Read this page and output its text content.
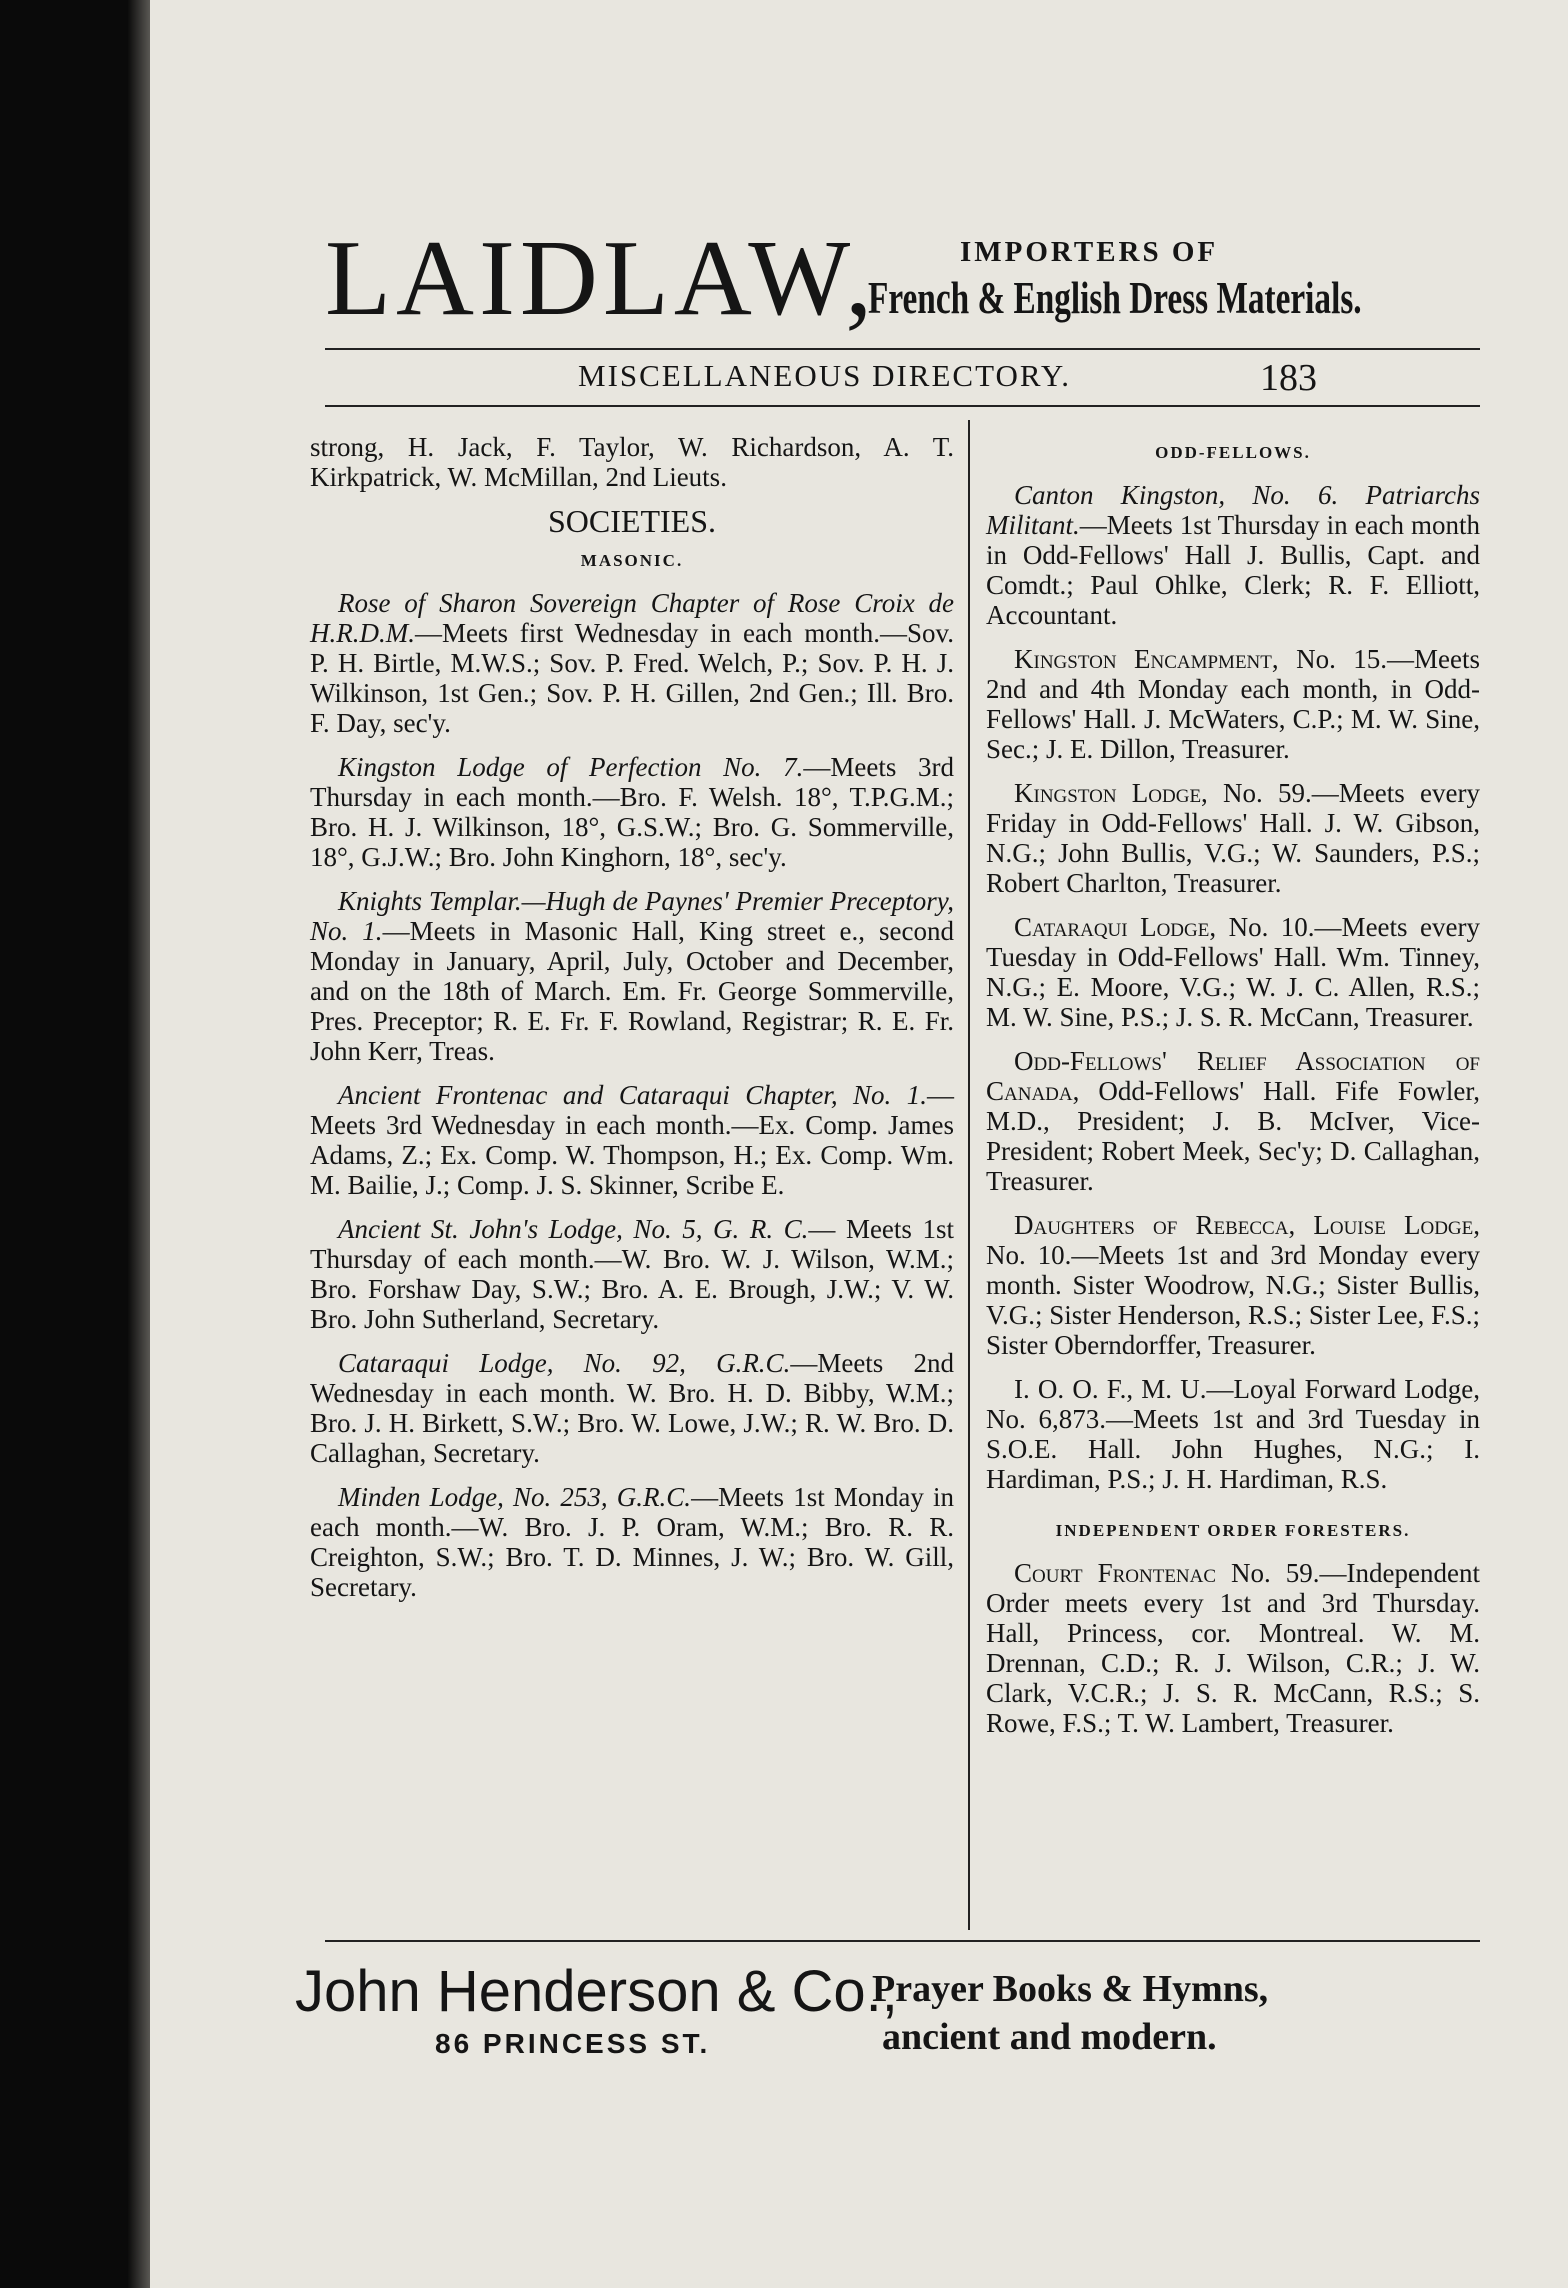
LAIDLAW,	IMPORTERS OF
French & English Dress Materials.
MISCELLANEOUS DIRECTORY.	183

strong, H. Jack, F. Taylor, W. Richardson, A. T. Kirkpatrick, W. McMillan, 2nd Lieuts.

SOCIETIES.
MASONIC.

Rose of Sharon Sovereign Chapter of Rose Croix de H.R.D.M.—Meets first Wednesday in each month.—Sov. P. H. Birtle, M.W.S.; Sov. P. Fred. Welch, P.; Sov. P. H. J. Wilkinson, 1st Gen.; Sov. P. H. Gillen, 2nd Gen.; Ill. Bro. F. Day, sec'y.

Kingston Lodge of Perfection No. 7.—Meets 3rd Thursday in each month.—Bro. F. Welsh. 18°, T.P.G.M.; Bro. H. J. Wilkinson, 18°, G.S.W.; Bro. G. Sommerville, 18°, G.J.W.; Bro. John Kinghorn, 18°, sec'y.

Knights Templar.—Hugh de Paynes' Premier Preceptory, No. 1.—Meets in Masonic Hall, King street e., second Monday in January, April, July, October and December, and on the 18th of March. Em. Fr. George Sommerville, Pres. Preceptor; R. E. Fr. F. Rowland, Registrar; R. E. Fr. John Kerr, Treas.

Ancient Frontenac and Cataraqui Chapter, No. 1.—Meets 3rd Wednesday in each month.—Ex. Comp. James Adams, Z.; Ex. Comp. W. Thompson, H.; Ex. Comp. Wm. M. Bailie, J.; Comp. J. S. Skinner, Scribe E.

Ancient St. John's Lodge, No. 5, G. R. C.— Meets 1st Thursday of each month.—W. Bro. W. J. Wilson, W.M.; Bro. Forshaw Day, S.W.; Bro. A. E. Brough, J.W.; V. W. Bro. John Sutherland, Secretary.

Cataraqui Lodge, No. 92, G.R.C.—Meets 2nd Wednesday in each month. W. Bro. H. D. Bibby, W.M.; Bro. J. H. Birkett, S.W.; Bro. W. Lowe, J.W.; R. W. Bro. D. Callaghan, Secretary.

Minden Lodge, No. 253, G.R.C.—Meets 1st Monday in each month.—W. Bro. J. P. Oram, W.M.; Bro. R. R. Creighton, S.W.; Bro. T. D. Minnes, J. W.; Bro. W. Gill, Secretary.

ODD-FELLOWS.

Canton Kingston, No. 6. Patriarchs Militant.—Meets 1st Thursday in each month in Odd-Fellows' Hall J. Bullis, Capt. and Comdt.; Paul Ohlke, Clerk; R. F. Elliott, Accountant.

Kingston Encampment, No. 15.—Meets 2nd and 4th Monday each month, in Odd-Fellows' Hall. J. McWaters, C.P.; M. W. Sine, Sec.; J. E. Dillon, Treasurer.

Kingston Lodge, No. 59.—Meets every Friday in Odd-Fellows' Hall. J. W. Gibson, N.G.; John Bullis, V.G.; W. Saunders, P.S.; Robert Charlton, Treasurer.

Cataraqui Lodge, No. 10.—Meets every Tuesday in Odd-Fellows' Hall. Wm. Tinney, N.G.; E. Moore, V.G.; W. J. C. Allen, R.S.; M. W. Sine, P.S.; J. S. R. McCann, Treasurer.

Odd-Fellows' Relief Association of Canada, Odd-Fellows' Hall. Fife Fowler, M.D., President; J. B. McIver, Vice-President; Robert Meek, Sec'y; D. Callaghan, Treasurer.

Daughters of Rebecca, Louise Lodge, No. 10.—Meets 1st and 3rd Monday every month. Sister Woodrow, N.G.; Sister Bullis, V.G.; Sister Henderson, R.S.; Sister Lee, F.S.; Sister Oberndorffer, Treasurer.

I. O. O. F., M. U.—Loyal Forward Lodge, No. 6,873.—Meets 1st and 3rd Tuesday in S.O.E. Hall. John Hughes, N.G.; I. Hardiman, P.S.; J. H. Hardiman, R.S.

INDEPENDENT ORDER FORESTERS.

Court Frontenac No. 59.—Independent Order meets every 1st and 3rd Thursday. Hall, Princess, cor. Montreal. W. M. Drennan, C.D.; R. J. Wilson, C.R.; J. W. Clark, V.C.R.; J. S. R. McCann, R.S.; S. Rowe, F.S.; T. W. Lambert, Treasurer.

John Henderson & Co.,
86 PRINCESS ST.
Prayer Books & Hymns,
ancient and modern.
